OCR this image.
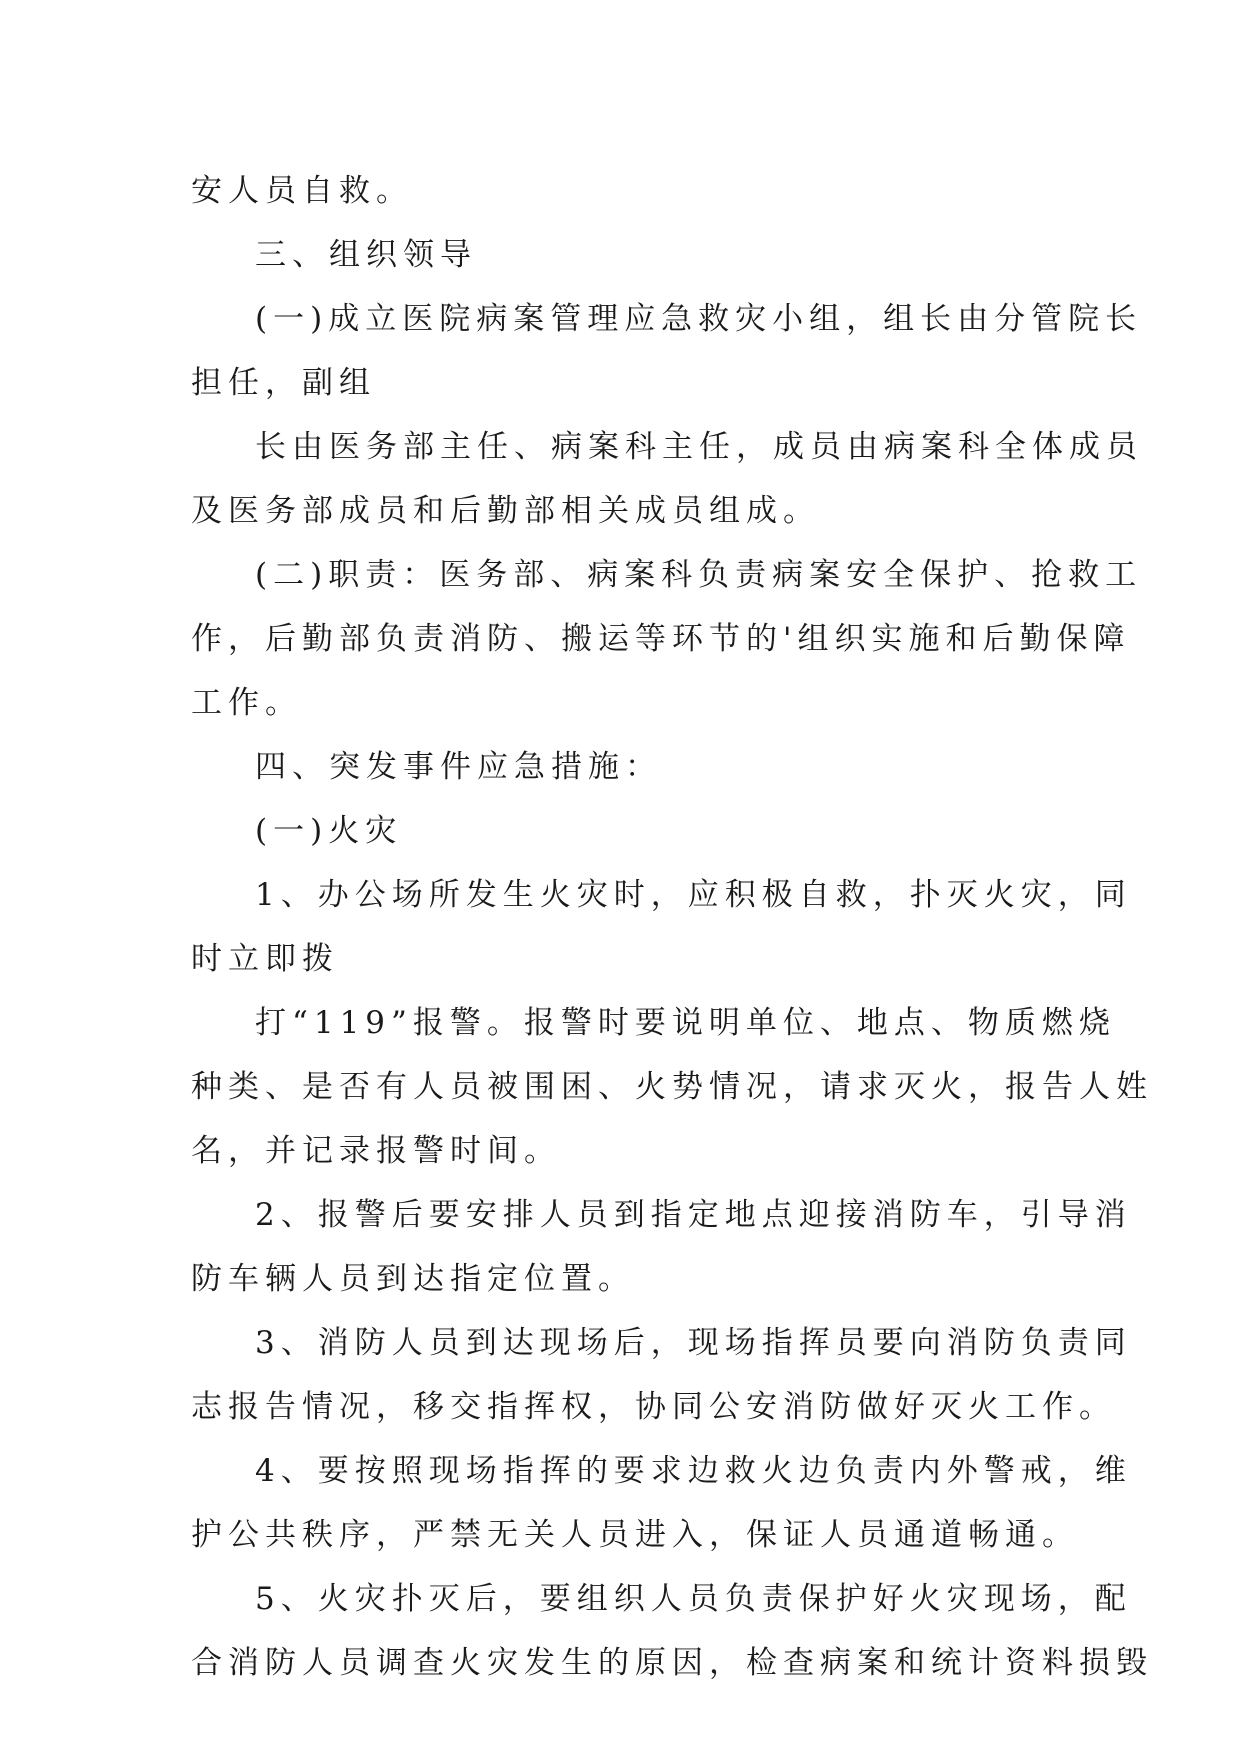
安人员自救。
三、组织领导
(一)成立医院病案管理应急救灾小组，组长由分管院长
担任，副组
长由医务部主任、病案科主任，成员由病案科全体成员
及医务部成员和后勤部相关成员组成。
(二)职责：医务部、病案科负责病案安全保护、抢救工
作，后勤部负责消防、搬运等环节的'组织实施和后勤保障
工作。
四、突发事件应急措施：
(一)火灾
1、办公场所发生火灾时，应积极自救，扑灭火灾，同
时立即拨
打“119”报警。报警时要说明单位、地点、物质燃烧
种类、是否有人员被围困、火势情况，请求灭火，报告人姓
名，并记录报警时间。
2、报警后要安排人员到指定地点迎接消防车，引导消
防车辆人员到达指定位置。
3、消防人员到达现场后，现场指挥员要向消防负责同
志报告情况，移交指挥权，协同公安消防做好灭火工作。
4、要按照现场指挥的要求边救火边负责内外警戒，维
护公共秩序，严禁无关人员进入，保证人员通道畅通。
5、火灾扑灭后，要组织人员负责保护好火灾现场，配
合消防人员调查火灾发生的原因，检查病案和统计资料损毁
